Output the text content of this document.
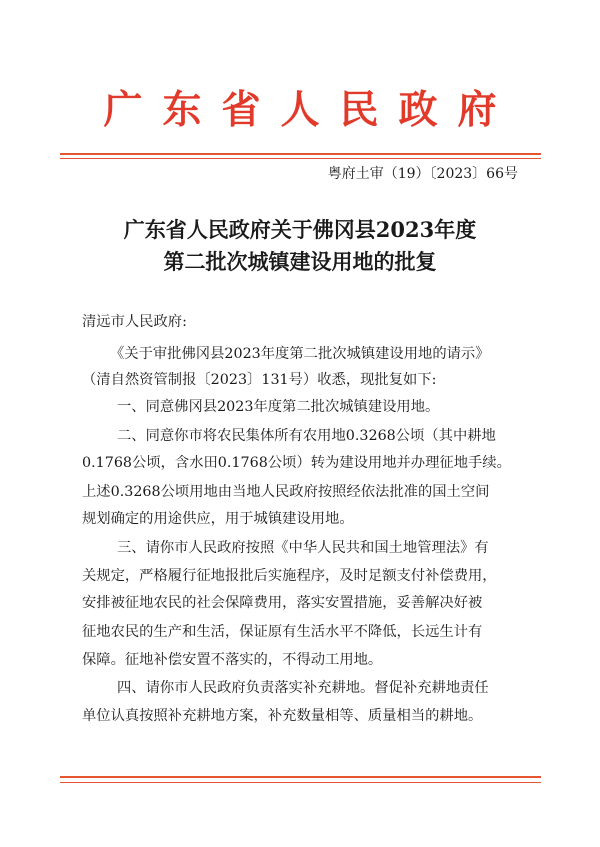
广东省人民政府
粤府土审（19）〔2023〕66号
广东省人民政府关于佛冈县2023年度
第二批次城镇建设用地的批复
清远市人民政府:
《关于审批佛冈县2023年度第二批次城镇建设用地的请示》
（清自然资管制报〔2023〕131号）收悉，现批复如下:
一、同意佛冈县2023年度第二批次城镇建设用地。
二、同意你市将农民集体所有农用地0.3268公顷（其中耕地
0.1768公顷，含水田0.1768公顷）转为建设用地并办理征地手续。
上述0.3268公顷用地由当地人民政府按照经依法批准的国土空间
规划确定的用途供应，用于城镇建设用地。
三、请你市人民政府按照《中华人民共和国土地管理法》有
关规定，严格履行征地报批后实施程序，及时足额支付补偿费用，
安排被征地农民的社会保障费用，落实安置措施，妥善解决好被
征地农民的生产和生活，保证原有生活水平不降低，长远生计有
保障。征地补偿安置不落实的，不得动工用地。
四、请你市人民政府负责落实补充耕地。督促补充耕地责任
单位认真按照补充耕地方案，补充数量相等、质量相当的耕地。
